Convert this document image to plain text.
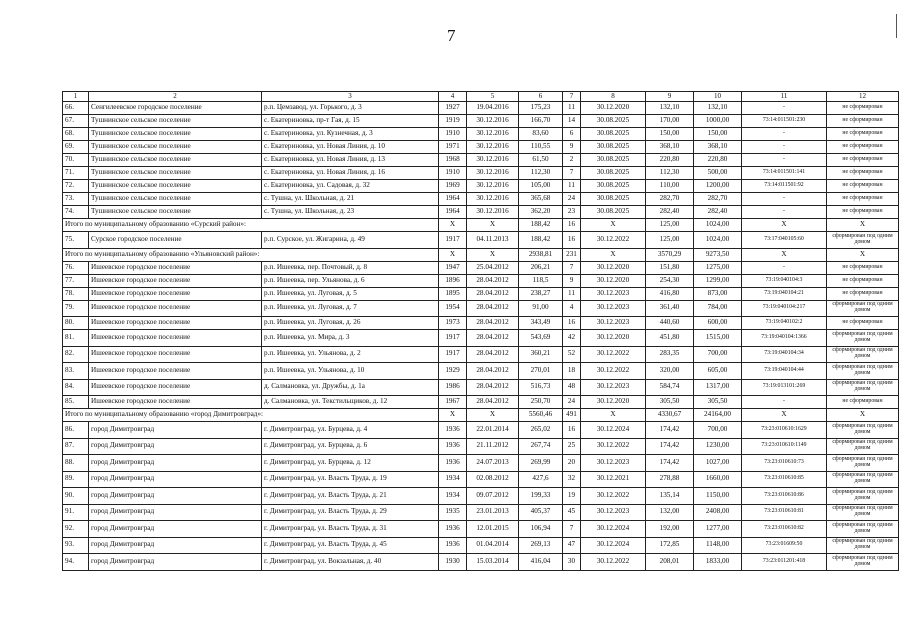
7
1	2	3	4	5	6	7	8	9	10	11	12
66.	Сенгилеевское городское поселение	р.п. Цемзавод, ул. Горького, д. 3	1927	19.04.2016	175,23	11	30.12.2020	132,10	132,10	-	не сформирован
67.	Тушнинское сельское поселение	с. Екатериновка, пр-т Гая, д. 15	1919	30.12.2016	166,70	14	30.08.2025	170,00	1000,00	73:14:011501:230	не сформирован
68.	Тушнинское сельское поселение	с. Екатериновка, ул. Кузнечная, д. 3	1910	30.12.2016	83,60	6	30.08.2025	150,00	150,00	-	не сформирован
69.	Тушнинское сельское поселение	с. Екатериновка, ул. Новая Линия, д. 10	1971	30.12.2016	110,55	9	30.08.2025	368,10	368,10	-	не сформирован
70.	Тушнинское сельское поселение	с. Екатериновка, ул. Новая Линия, д. 13	1968	30.12.2016	61,50	2	30.08.2025	220,80	220,80	-	не сформирован
71.	Тушнинское сельское поселение	с. Екатериновка, ул. Новая Линия, д. 16	1910	30.12.2016	112,30	7	30.08.2025	112,30	500,00	73:14:011501:141	не сформирован
72.	Тушнинское сельское поселение	с. Екатериновка, ул. Садовая, д. 32	1969	30.12.2016	105,00	11	30.08.2025	110,00	1200,00	73:14:011501:92	не сформирован
73.	Тушнинское сельское поселение	с. Тушна, ул. Школьная, д. 21	1964	30.12.2016	365,68	24	30.08.2025	282,70	282,70	-	не сформирован
74.	Тушнинское сельское поселение	с. Тушна, ул. Школьная, д. 23	1964	30.12.2016	362,20	23	30.08.2025	282,40	282,40	-	не сформирован
Итого по муниципальному образованию «Сурский район»:			Х	Х	188,42	16	Х	125,00	1024,00	Х	Х
75.	Сурское городское поселение	р.п. Сурское, ул. Жигарина, д. 49	1917	04.11.2013	188,42	16	30.12.2022	125,00	1024,00	73:17:040105:60	сформирован под одним домом
Итого по муниципальному образованию «Ульяновский район»:			Х	Х	2938,81	231	Х	3570,29	9273,50	Х	Х
76.	Ишеевское городское поселение	р.п. Ишеевка, пер. Почтовый, д. 8	1947	25.04.2012	206,21	7	30.12.2020	151,80	1275,00	-	не сформирован
77.	Ишеевское городское поселение	р.п. Ишеевка, пер. Ульянова, д. 6	1896	28.04.2012	118,5	9	30.12.2020	254,30	1299,00	73:19:040104:3	не сформирован
78.	Ишеевское городское поселение	р.п. Ишеевка, ул. Луговая, д. 5	1895	28.04.2012	238,27	11	30.12.2023	416,80	873,00	73:19:040104:21	не сформирован
79.	Ишеевское городское поселение	р.п. Ишеевка, ул. Луговая, д. 7	1954	28.04.2012	91,00	4	30.12.2023	361,40	784,00	73:19:040104:217	сформирован под одним домом
80.	Ишеевское городское поселение	р.п. Ишеевка, ул. Луговая, д. 26	1973	28.04.2012	343,49	16	30.12.2023	440,60	600,00	73:19:040102:2	не сформирован
81.	Ишеевское городское поселение	р.п. Ишеевка, ул. Мира, д. 3	1917	28.04.2012	543,69	42	30.12.2020	451,80	1515,00	73:19:040104:1366	сформирован под одним домом
82.	Ишеевское городское поселение	р.п. Ишеевка, ул. Ульянова, д. 2	1917	28.04.2012	360,21	52	30.12.2022	283,35	700,00	73:19:040104:34	сформирован под одним домом
83.	Ишеевское городское поселение	р.п. Ишеевка, ул. Ульянова, д. 10	1929	28.04.2012	270,01	18	30.12.2022	320,00	605,00	73:19:040104:44	сформирован под одним домом
84.	Ишеевское городское поселение	д. Салмановка, ул. Дружбы, д. 1а	1986	28.04.2012	516,73	48	30.12.2023	584,74	1317,00	73:19:013101:269	сформирован под одним домом
85.	Ишеевское городское поселение	д. Салмановка, ул. Текстильщиков, д. 12	1967	28.04.2012	250,70	24	30.12.2020	305,50	305,50	-	не сформирован
Итого по муниципальному образованию «город Димитровград»:			Х	Х	5560,46	491	Х	4330,67	24164,00	Х	Х
86.	город Димитровград	г. Димитровград, ул. Бурцева, д. 4	1936	22.01.2014	265,02	16	30.12.2024	174,42	700,00	73:23:010610:1629	сформирован под одним домом
87.	город Димитровград	г. Димитровград, ул. Бурцева, д. 6	1936	21.11.2012	267,74	25	30.12.2022	174,42	1230,00	73:23:010610:1149	сформирован под одним домом
88.	город Димитровград	г. Димитровград, ул. Бурцева, д. 12	1936	24.07.2013	269,99	20	30.12.2023	174,42	1027,00	73:23:010610:73	сформирован под одним домом
89.	город Димитровград	г. Димитровград, ул. Власть Труда, д. 19	1934	02.08.2012	427,6	32	30.12.2021	278,88	1660,00	73:23:010610:85	сформирован под одним домом
90.	город Димитровград	г. Димитровград, ул. Власть Труда, д. 21	1934	09.07.2012	199,33	19	30.12.2022	135,14	1150,00	73:23:010610:86	сформирован под одним домом
91.	город Димитровград	г. Димитровград, ул. Власть Труда, д. 29	1935	23.01.2013	405,37	45	30.12.2023	132,00	2408,00	73:23:010610:81	сформирован под одним домом
92.	город Димитровград	г. Димитровград, ул. Власть Труда, д. 31	1936	12.01.2015	106,94	7	30.12.2024	192,00	1277,00	73:23:010610:82	сформирован под одним домом
93.	город Димитровград	г. Димитровград, ул. Власть Труда, д. 45	1936	01.04.2014	269,13	47	30.12.2024	172,85	1148,00	73:23:01609:50	сформирован под одним домом
94.	город Димитровград	г. Димитровград, ул. Вокзальная, д. 40	1930	15.03.2014	416,04	30	30.12.2022	208,01	1833,00	73:23:011201:418	сформирован под одним домом
